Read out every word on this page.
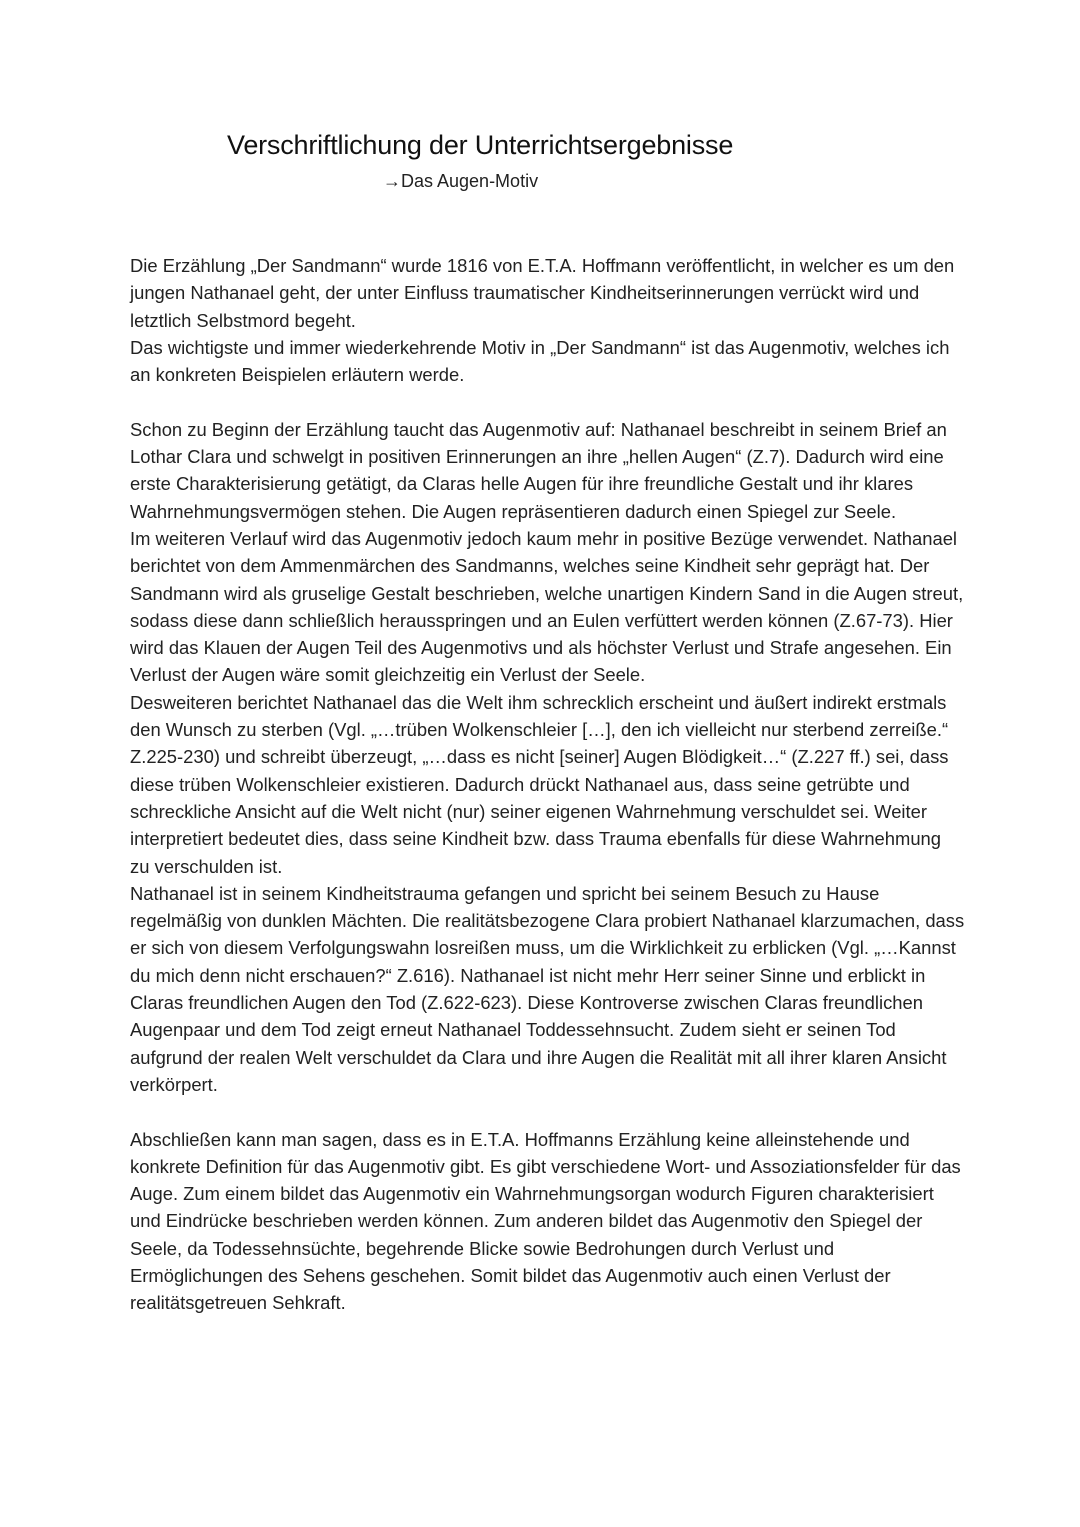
Verschriftlichung der Unterrichtsergebnisse
→Das Augen-Motiv

Die Erzählung „Der Sandmann“ wurde 1816 von E.T.A. Hoffmann veröffentlicht, in welcher es um den jungen Nathanael geht, der unter Einfluss traumatischer Kindheitserinnerungen verrückt wird und letztlich Selbstmord begeht.

Das wichtigste und immer wiederkehrende Motiv in „Der Sandmann“ ist das Augenmotiv, welches ich an konkreten Beispielen erläutern werde.

Schon zu Beginn der Erzählung taucht das Augenmotiv auf: Nathanael beschreibt in seinem Brief an Lothar Clara und schwelgt in positiven Erinnerungen an ihre „hellen Augen“ (Z.7). Dadurch wird eine erste Charakterisierung getätigt, da Claras helle Augen für ihre freundliche Gestalt und ihr klares Wahrnehmungsvermögen stehen. Die Augen repräsentieren dadurch einen Spiegel zur Seele.

Im weiteren Verlauf wird das Augenmotiv jedoch kaum mehr in positive Bezüge verwendet. Nathanael berichtet von dem Ammenmärchen des Sandmanns, welches seine Kindheit sehr geprägt hat. Der Sandmann wird als gruselige Gestalt beschrieben, welche unartigen Kindern Sand in die Augen streut, sodass diese dann schließlich herausspringen und an Eulen verfüttert werden können (Z.67-73). Hier wird das Klauen der Augen Teil des Augenmotivs und als höchster Verlust und Strafe angesehen. Ein Verlust der Augen wäre somit gleichzeitig ein Verlust der Seele.

Desweiteren berichtet Nathanael das die Welt ihm schrecklich erscheint und äußert indirekt erstmals den Wunsch zu sterben (Vgl. „…trüben Wolkenschleier […], den ich vielleicht nur sterbend zerreiße.“ Z.225-230) und schreibt überzeugt, „…dass es nicht [seiner] Augen Blödigkeit…“ (Z.227 ff.) sei, dass diese trüben Wolkenschleier existieren. Dadurch drückt Nathanael aus, dass seine getrübte und schreckliche Ansicht auf die Welt nicht (nur) seiner eigenen Wahrnehmung verschuldet sei. Weiter interpretiert bedeutet dies, dass seine Kindheit bzw. dass Trauma ebenfalls für diese Wahrnehmung zu verschulden ist.

Nathanael ist in seinem Kindheitstrauma gefangen und spricht bei seinem Besuch zu Hause regelmäßig von dunklen Mächten. Die realitätsbezogene Clara probiert Nathanael klarzumachen, dass er sich von diesem Verfolgungswahn losreißen muss, um die Wirklichkeit zu erblicken (Vgl. „…Kannst du mich denn nicht erschauen?“ Z.616). Nathanael ist nicht mehr Herr seiner Sinne und erblickt in Claras freundlichen Augen den Tod (Z.622-623). Diese Kontroverse zwischen Claras freundlichen Augenpaar und dem Tod zeigt erneut Nathanael Toddessehnsucht. Zudem sieht er seinen Tod aufgrund der realen Welt verschuldet da Clara und ihre Augen die Realität mit all ihrer klaren Ansicht verkörpert.

Abschließen kann man sagen, dass es in E.T.A. Hoffmanns Erzählung keine alleinstehende und konkrete Definition für das Augenmotiv gibt. Es gibt verschiedene Wort- und Assoziationsfelder für das Auge. Zum einem bildet das Augenmotiv ein Wahrnehmungsorgan wodurch Figuren charakterisiert und Eindrücke beschrieben werden können. Zum anderen bildet das Augenmotiv den Spiegel der Seele, da Todessehnsüchte, begehrende Blicke sowie Bedrohungen durch Verlust und Ermöglichungen des Sehens geschehen. Somit bildet das Augenmotiv auch einen Verlust der realitätsgetreuen Sehkraft.
